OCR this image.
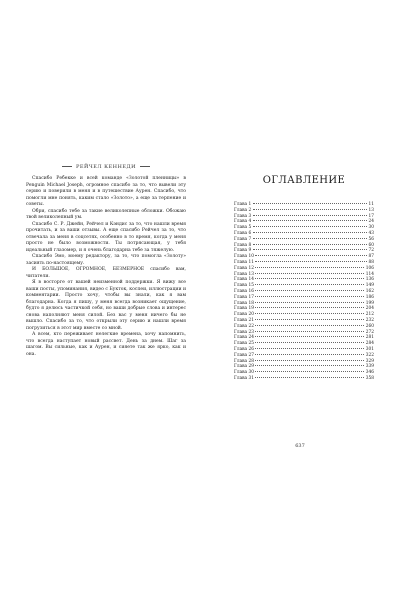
РЕЙЧЕЛ КЕННЕДИ

Спасибо Ребекке и всей команде «Золотой пленницы» в Penguin Michael Joseph, огромное спасибо за то, что вывели эту серию и поверили в меня и в путешествие Аурен. Спасибо, что помогли мне понять, каким стало «Золото», а еще за терпение и советы.

Обри, спасибо тебе за такие великолепные обложки. Обожаю твой великолепный ум.

Спасибо С. Р. Джейн, Рейчел и Кэндис за то, что нашли время прочитать, и за ваши отзывы. А еще спасибо Рейчел за то, что отвечала за меня в соцсетях, особенно в то время, когда у меня просто не было возможности. Ты потрясающая, у тебя идеальный глазомер, и я очень благодарна тебе за тяжелую.

Спасибо Эмо, моему редактору, за то, что помогла «Золоту» засиять по-настоящему.

И БОЛЬШОЕ, ОГРОМНОЕ, БЕЗМЕРНОЕ спасибо вам, читатели.

Я в восторге от вашей неизменной поддержки. Я вижу все ваши посты, упоминания, видео с Букток, коспеи, иллюстрации и комментарии. Просто хочу, чтобы вы знали, как я вам благодарна. Когда я пишу, у меня всегда возникает ощущение, будто я делюсь частичкой себя, но ваши добрые слова и интерес снова наполняют меня силой. Без вас у меня ничего бы не вышло. Спасибо за то, что открыли эту серию и нашли время погрузиться в этот мир вместе со мной.

А всем, кто переживает нелегкие времена, хочу напомнить, что всегда наступает новый рассвет. День за днем. Шаг за шагом. Вы сильные, как и Аурен, и сияете так же ярко, как и она.

ОГЛАВЛЕНИЕ
Глава 1	11
Глава 2	13
Глава 3	17
Глава 4	24
Глава 5	30
Глава 6	43
Глава 7	56
Глава 8	60
Глава 9	72
Глава 10	87
Глава 11	88
Глава 12	106
Глава 13	114
Глава 14	136
Глава 15	149
Глава 16	162
Глава 17	186
Глава 18	199
Глава 19	204
Глава 20	212
Глава 21	232
Глава 22	260
Глава 23	272
Глава 24	281
Глава 25	284
Глава 26	301
Глава 27	322
Глава 28	329
Глава 29	339
Глава 30	346
Глава 31	358
637
